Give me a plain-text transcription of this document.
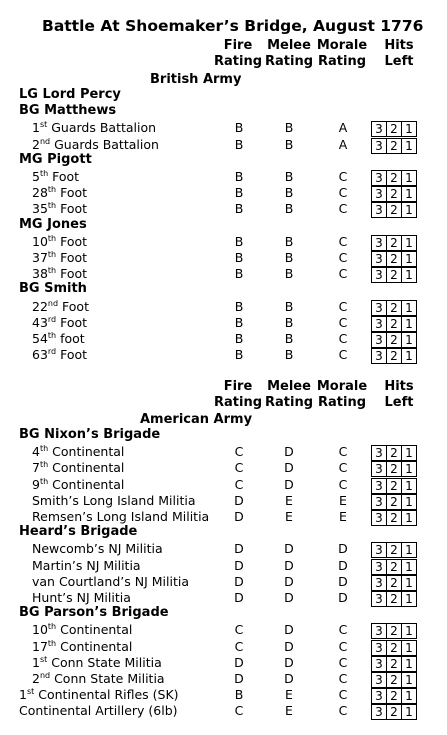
Battle At Shoemaker’s Bridge, August 1776
Fire
Rating
Melee
Rating
Morale
Rating
Hits
Left
British Army
LG Lord Percy
BG Matthews
1st Guards Battalion	B	B	A	3 2 1
2nd Guards Battalion	B	B	A	3 2 1
MG Pigott
5th Foot	B	B	C	3 2 1
28th Foot	B	B	C	3 2 1
35th Foot	B	B	C	3 2 1
MG Jones
10th Foot	B	B	C	3 2 1
37th Foot	B	B	C	3 2 1
38th Foot	B	B	C	3 2 1
BG Smith
22nd Foot	B	B	C	3 2 1
43rd Foot	B	B	C	3 2 1
54th foot	B	B	C	3 2 1
63rd Foot	B	B	C	3 2 1
Fire
Rating
Melee
Rating
Morale
Rating
Hits
Left
American Army
BG Nixon’s Brigade
4th Continental	C	D	C	3 2 1
7th Continental	C	D	C	3 2 1
9th Continental	C	D	C	3 2 1
Smith’s Long Island Militia	D	E	E	3 2 1
Remsen’s Long Island Militia	D	E	E	3 2 1
Heard’s Brigade
Newcomb’s NJ Militia	D	D	D	3 2 1
Martin’s NJ Militia	D	D	D	3 2 1
van Courtland’s NJ Militia	D	D	D	3 2 1
Hunt’s NJ Militia	D	D	D	3 2 1
BG Parson’s Brigade
10th Continental	C	D	C	3 2 1
17th Continental	C	D	C	3 2 1
1st Conn State Militia	D	D	C	3 2 1
2nd Conn State Militia	D	D	C	3 2 1
1st Continental Rifles (SK)	B	E	C	3 2 1
Continental Artillery (6lb)	C	E	C	3 2 1
